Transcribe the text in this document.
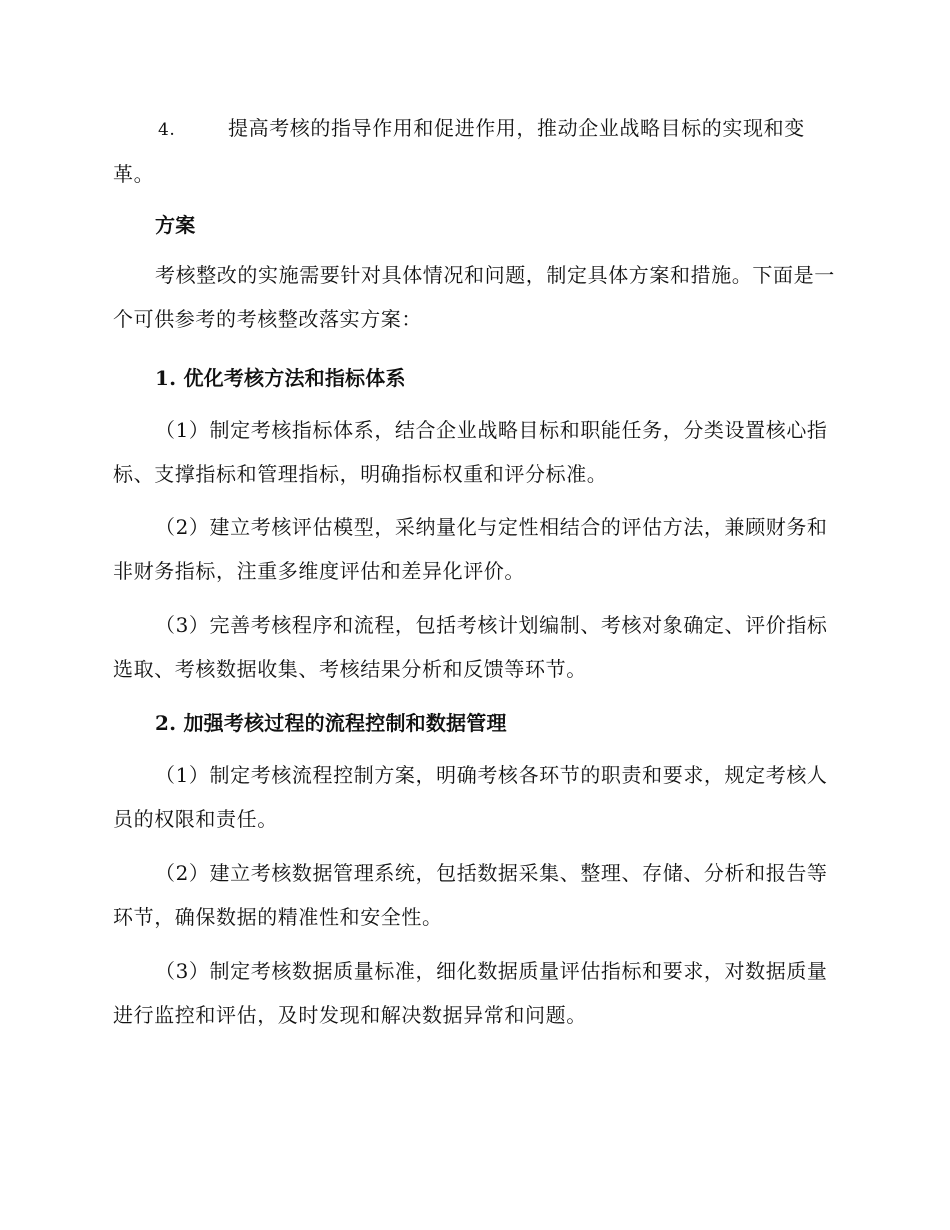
4.	提高考核的指导作用和促进作用，推动企业战略目标的实现和变革。

方案

考核整改的实施需要针对具体情况和问题，制定具体方案和措施。下面是一个可供参考的考核整改落实方案：

1. 优化考核方法和指标体系

（1）制定考核指标体系，结合企业战略目标和职能任务，分类设置核心指标、支撑指标和管理指标，明确指标权重和评分标准。

（2）建立考核评估模型，采纳量化与定性相结合的评估方法，兼顾财务和非财务指标，注重多维度评估和差异化评价。

（3）完善考核程序和流程，包括考核计划编制、考核对象确定、评价指标选取、考核数据收集、考核结果分析和反馈等环节。

2. 加强考核过程的流程控制和数据管理

（1）制定考核流程控制方案，明确考核各环节的职责和要求，规定考核人员的权限和责任。

（2）建立考核数据管理系统，包括数据采集、整理、存储、分析和报告等环节，确保数据的精准性和安全性。

（3）制定考核数据质量标准，细化数据质量评估指标和要求，对数据质量进行监控和评估，及时发现和解决数据异常和问题。
